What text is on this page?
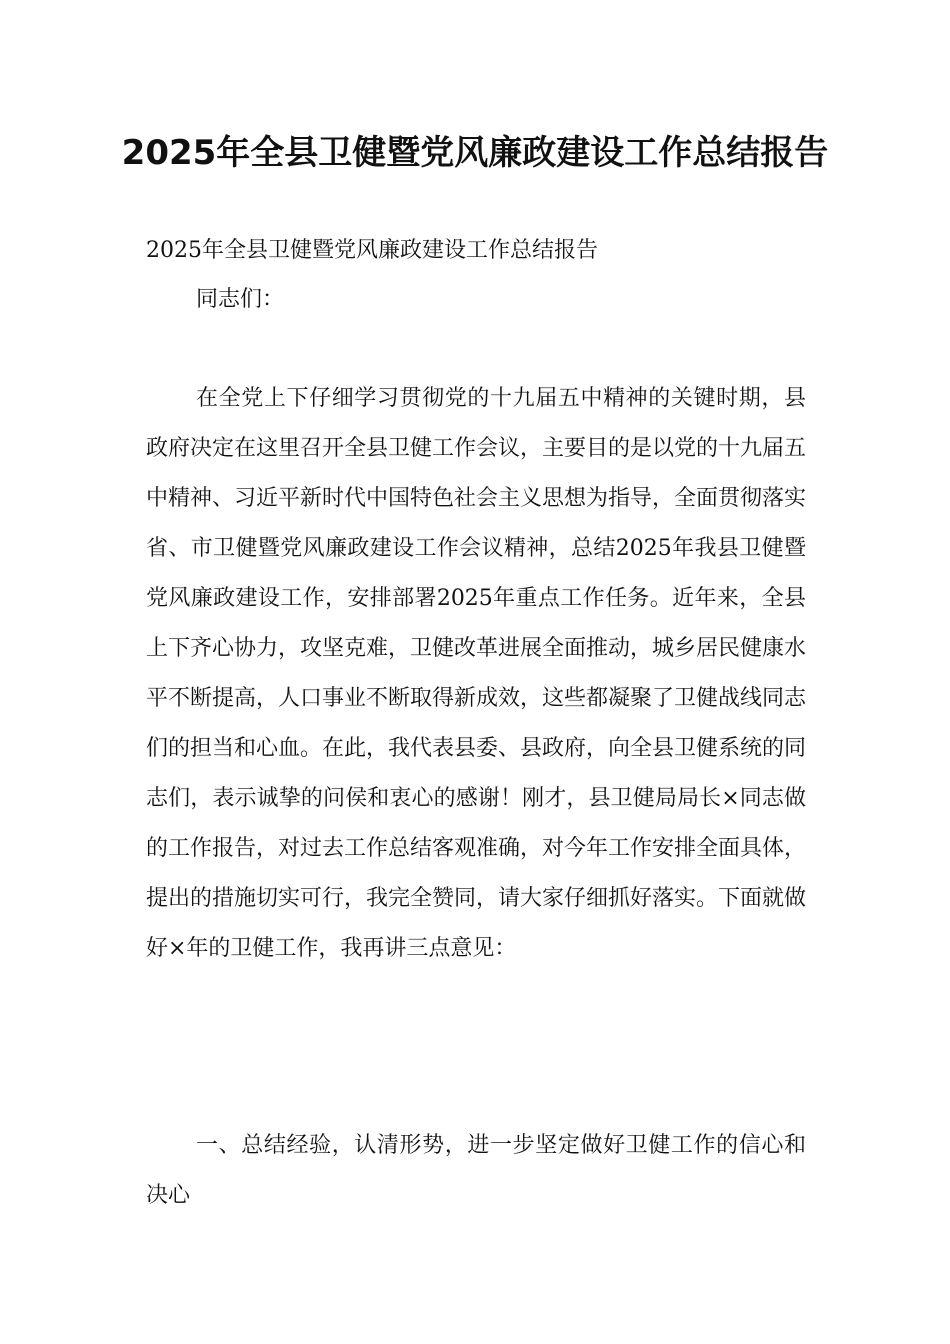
2025年全县卫健暨党风廉政建设工作总结报告

2025年全县卫健暨党风廉政建设工作总结报告

同志们：

在全党上下仔细学习贯彻党的十九届五中精神的关键时期，县政府决定在这里召开全县卫健工作会议，主要目的是以党的十九届五中精神、习近平新时代中国特色社会主义思想为指导，全面贯彻落实省、市卫健暨党风廉政建设工作会议精神，总结2025年我县卫健暨党风廉政建设工作，安排部署2025年重点工作任务。近年来，全县上下齐心协力，攻坚克难，卫健改革进展全面推动，城乡居民健康水平不断提高，人口事业不断取得新成效，这些都凝聚了卫健战线同志们的担当和心血。在此，我代表县委、县政府，向全县卫健系统的同志们，表示诚挚的问侯和衷心的感谢！刚才，县卫健局局长×同志做的工作报告，对过去工作总结客观准确，对今年工作安排全面具体，提出的措施切实可行，我完全赞同，请大家仔细抓好落实。下面就做好×年的卫健工作，我再讲三点意见：

一、总结经验，认清形势，进一步坚定做好卫健工作的信心和决心
